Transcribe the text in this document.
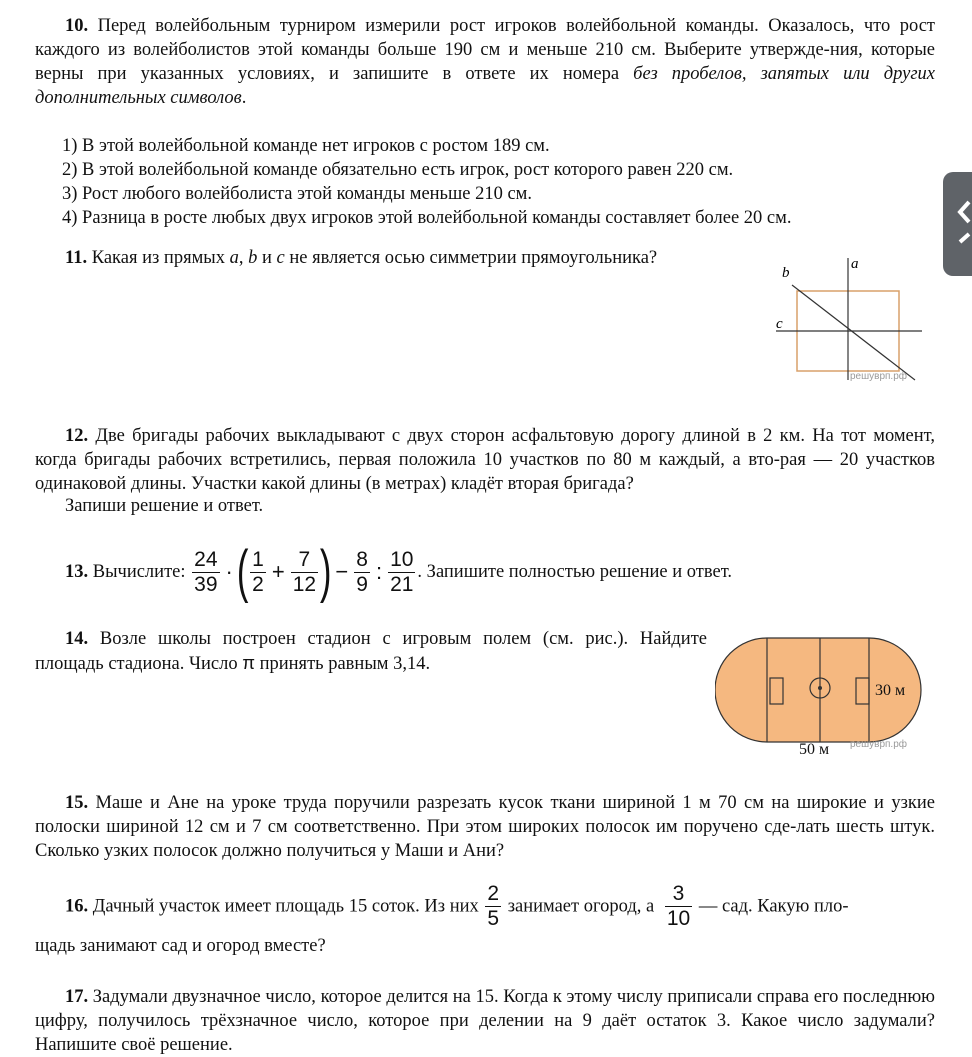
10. Перед волейбольным турниром измерили рост игроков волейбольной команды. Оказалось, что рост каждого из волейболистов этой команды больше 190 см и меньше 210 см. Выберите утвержде-ния, которые верны при указанных условиях, и запишите в ответе их номера без пробелов, запятых или других дополнительных символов.
1) В этой волейбольной команде нет игроков с ростом 189 см.
2) В этой волейбольной команде обязательно есть игрок, рост которого равен 220 см.
3) Рост любого волейболиста этой команды меньше 210 см.
4) Разница в росте любых двух игроков этой волейбольной команды составляет более 20 см.
11. Какая из прямых a, b и c не является осью симметрии прямоугольника?	a
b
c
решуврп.рф
12. Две бригады рабочих выкладывают с двух сторон асфальтовую дорогу длиной в 2 км. На тот момент, когда бригады рабочих встретились, первая положила 10 участков по 80 м каждый, а вто-рая — 20 участков одинаковой длины. Участки какой длины (в метрах) кладёт вторая бригада?
Запиши решение и ответ.
13. Вычислите: $\frac{24}{39}$ ·( $\frac{1}{2} + \frac{7}{12}$ ) − $\frac{8}{9}$ : $\frac{10}{21}$ . Запишите полностью решение и ответ.
14. Возле школы построен стадион с игровым полем (см. рис.). Найдите площадь стадиона. Число π принять равным 3,14.
30 м
50 м решуврп.рф
15. Маше и Ане на уроке труда поручили разрезать кусок ткани шириной 1 м 70 см на широкие и узкие полоски шириной 12 см и 7 см соответственно. При этом широких полосок им поручено сде-лать шесть штук. Сколько узких полосок должно получиться у Маши и Ани?
16. Дачный участок имеет площадь 15 соток. Из них $\frac{2}{5}$ занимает огород, а $\frac{3}{10}$ — сад. Какую пло-
щадь занимают сад и огород вместе?
17. Задумали двузначное число, которое делится на 15. Когда к этому числу приписали справа его последнюю цифру, получилось трёхзначное число, которое при делении на 9 даёт остаток 3. Какое число задумали? Напишите своё решение.
